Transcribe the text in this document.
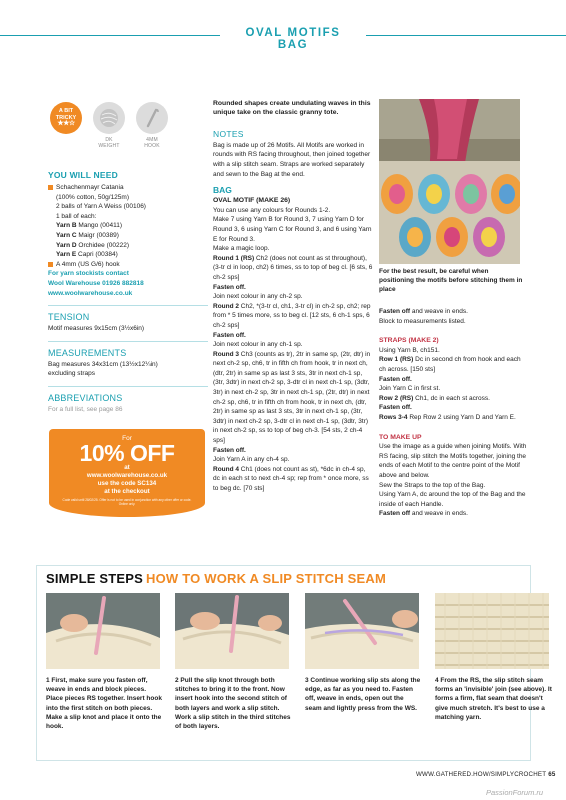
OVAL MOTIFS BAG
A BIT
TRICKY
★★☆
DK
WEIGHT
4MM
HOOK
YOU WILL NEED
Schachenmayr Catania
(100% cotton, 50g/125m)
2 balls of Yarn A Weiss (00106)
1 ball of each:
Yarn B Mango (00411)
Yarn C Maigr (00389)
Yarn D Orchidee (00222)
Yarn E Capri (00384)
A 4mm (US G/6) hook
For yarn stockists contact
Wool Warehouse 01926 882818
www.woolwarehouse.co.uk
TENSION
Motif measures 9x15cm (3½x6in)
MEASUREMENTS
Bag measures 34x31cm (13½x12¼in)
excluding straps
ABBREVIATIONS
For a full list, see page 86
For
10% OFF
at
www.woolwarehouse.co.uk
use the code SC134
at the checkout
Code valid until 28/02/25. Offer is not to be used in conjunction with any other offer or code. Online only.
Rounded shapes create undulating waves in this unique take on the classic granny tote.
NOTES
Bag is made up of 26 Motifs. All Motifs are worked in rounds with RS facing throughout, then joined together with a slip stitch seam. Straps are worked separately and sewn to the Bag at the end.
BAG
OVAL MOTIF (MAKE 26)
You can use any colours for Rounds 1-2.
Make 7 using Yarn B for Round 3, 7 using Yarn D for Round 3, 6 using Yarn C for Round 3, and 6 using Yarn E for Round 3.
Make a magic loop.
Round 1 (RS) Ch2 (does not count as st throughout), (3-tr cl in loop, ch2) 6 times, ss to top of beg cl. [6 sts, 6 ch-2 sps]
Fasten off.
Join next colour in any ch-2 sp.
Round 2 Ch2, *(3-tr cl, ch1, 3-tr cl) in ch-2 sp, ch2; rep from * 5 times more, ss to beg cl. [12 sts, 6 ch-1 sps, 6 ch-2 sps]
Fasten off.
Join next colour in any ch-1 sp.
Round 3 Ch3 (counts as tr), 2tr in same sp, (2tr, dtr) in next ch-2 sp, ch6, tr in fifth ch from hook, tr in next ch, (dtr, 2tr) in same sp as last 3 sts, 3tr in next ch-1 sp, (3tr, 3dtr) in next ch-2 sp, 3-dtr cl in next ch-1 sp, (3dtr, 3tr) in next ch-2 sp, 3tr in next ch-1 sp, (2tr, dtr) in next ch-2 sp, ch6, tr in fifth ch from hook, tr in next ch, (dtr, 2tr) in same sp as last 3 sts, 3tr in next ch-1 sp, (3tr, 3dtr) in next ch-2 sp, 3-dtr cl in next ch-1 sp, (3dtr, 3tr) in next ch-2 sp, ss to top of beg ch-3. [54 sts, 2 ch-4 sps]
Fasten off.
Join Yarn A in any ch-4 sp.
Round 4 Ch1 (does not count as st), *6dc in ch-4 sp, dc in each st to next ch-4 sp; rep from * once more, ss to beg dc. [70 sts]
For the best result, be careful when positioning the motifs before stitching them in place
Fasten off and weave in ends.
Block to measurements listed.
STRAPS (MAKE 2)
Using Yarn B, ch151.
Row 1 (RS) Dc in second ch from hook and each ch across. [150 sts]
Fasten off.
Join Yarn C in first st.
Row 2 (RS) Ch1, dc in each st across.
Fasten off.
Rows 3-4 Rep Row 2 using Yarn D and Yarn E.
TO MAKE UP
Use the image as a guide when joining Motifs. With RS facing, slip stitch the Motifs together, joining the ends of each Motif to the centre point of the Motif above and below.
Sew the Straps to the top of the Bag.
Using Yarn A, dc around the top of the Bag and the inside of each Handle.
Fasten off and weave in ends.
SIMPLE STEPS HOW TO WORK A SLIP STITCH SEAM
1 First, make sure you fasten off, weave in ends and block pieces. Place pieces RS together. Insert hook into the first stitch on both pieces. Make a slip knot and place it onto the hook.
2 Pull the slip knot through both stitches to bring it to the front. Now insert hook into the second stitch of both layers and work a slip stitch. Work a slip stitch in the third stitches of both layers.
3 Continue working slip sts along the edge, as far as you need to. Fasten off, weave in ends, open out the seam and lightly press from the WS.
4 From the RS, the slip stitch seam forms an 'invisible' join (see above). It forms a firm, flat seam that doesn't give much stretch. It's best to use a matching yarn.
WWW.GATHERED.HOW/SIMPLYCROCHET 65
PassionForum.ru
